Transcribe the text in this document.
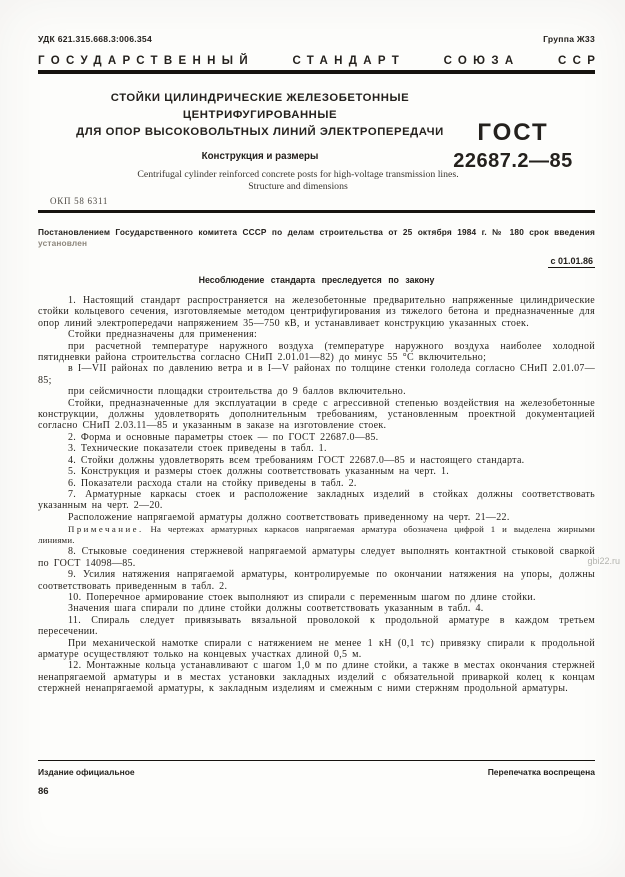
УДК 621.315.668.3:006.354	Группа Ж33
ГОСУДАРСТВЕННЫЙ	СТАНДАРТ	СОЮЗА	ССР
СТОЙКИ ЦИЛИНДРИЧЕСКИЕ ЖЕЛЕЗОБЕТОННЫЕ
ЦЕНТРИФУГИРОВАННЫЕ
ДЛЯ ОПОР ВЫСОКОВОЛЬТНЫХ ЛИНИЙ ЭЛЕКТРОПЕРЕДАЧИ
Конструкция и размеры
Centrifugal cylinder reinforced concrete posts for high-voltage transmission lines.
Structure and dimensions
ОКП 58 6311
ГОСТ
22687.2—85
Постановлением Государственного комитета СССР по делам строительства от 25 октября 1984 г. № 180 срок введения установлен
с 01.01.86
Несоблюдение стандарта преследуется по закону

1. Настоящий стандарт распространяется на железобетонные предварительно напряженные цилиндрические стойки кольцевого сечения, изготовляемые методом центрифугирования из тяжелого бетона и предназначенные для опор линий электропередачи напряжением 35—750 кВ, и устанавливает конструкцию указанных стоек.

Стойки предназначены для применения:

при расчетной температуре наружного воздуха (температуре наружного воздуха наиболее холодной пятидневки района строительства согласно СНиП 2.01.01—82) до минус 55 °С включительно;

в I—VII районах по давлению ветра и в I—V районах по толщине стенки гололеда согласно СНиП 2.01.07—85;

при сейсмичности площадки строительства до 9 баллов включительно.

Стойки, предназначенные для эксплуатации в среде с агрессивной степенью воздействия на железобетонные конструкции, должны удовлетворять дополнительным требованиям, установленным проектной документацией согласно СНиП 2.03.11—85 и указанным в заказе на изготовление стоек.

2. Форма и основные параметры стоек — по ГОСТ 22687.0—85.

3. Технические показатели стоек приведены в табл. 1.

4. Стойки должны удовлетворять всем требованиям ГОСТ 22687.0—85 и настоящего стандарта.

5. Конструкция и размеры стоек должны соответствовать указанным на черт. 1.

6. Показатели расхода стали на стойку приведены в табл. 2.

7. Арматурные каркасы стоек и расположение закладных изделий в стойках должны соответствовать указанным на черт. 2—20.

Расположение напрягаемой арматуры должно соответствовать приведенному на черт. 21—22.

Примечание. На чертежах арматурных каркасов напрягаемая арматура обозначена цифрой 1 и выделена жирными линиями.

8. Стыковые соединения стержневой напрягаемой арматуры следует выполнять контактной стыковой сваркой по ГОСТ 14098—85.

9. Усилия натяжения напрягаемой арматуры, контролируемые по окончании натяжения на упоры, должны соответствовать приведенным в табл. 2.

10. Поперечное армирование стоек выполняют из спирали с переменным шагом по длине стойки.

Значения шага спирали по длине стойки должны соответствовать указанным в табл. 4.

11. Спираль следует привязывать вязальной проволокой к продольной арматуре в каждом третьем пересечении.

При механической намотке спирали с натяжением не менее 1 кН (0,1 тс) привязку спирали к продольной арматуре осуществляют только на концевых участках длиной 0,5 м.

12. Монтажные кольца устанавливают с шагом 1,0 м по длине стойки, а также в местах окончания стержней ненапрягаемой арматуры и в местах установки закладных изделий с обязательной приваркой колец к концам стержней ненапрягаемой арматуры, к закладным изделиям и смежным с ними стержням продольной арматуры.

Издание официальное	Перепечатка воспрещена
86
gbi22.ru
